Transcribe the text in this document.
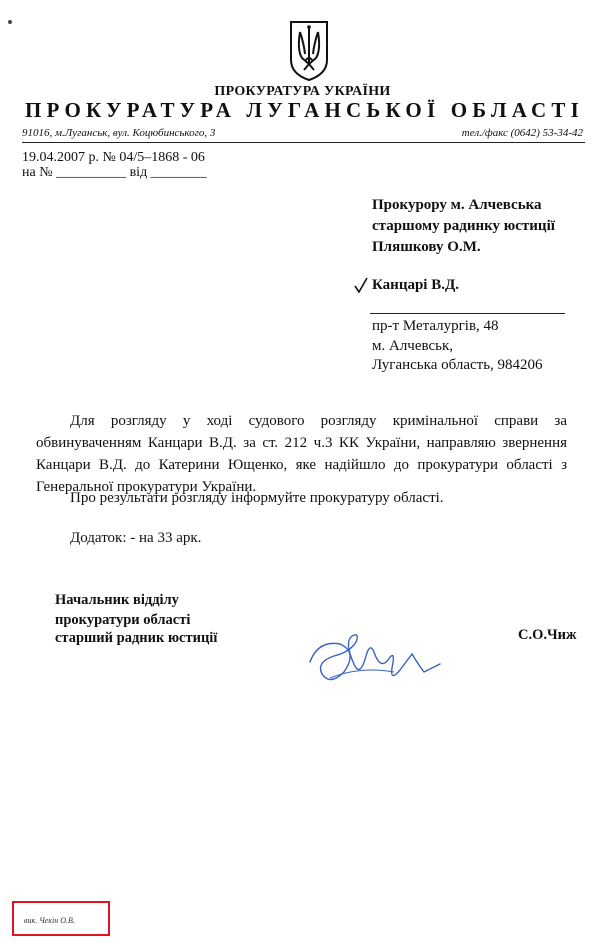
ПРОКУРАТУРА УКРАЇНИ
ПРОКУРАТУРА ЛУГАНСЬКОЇ ОБЛАСТІ
91016, м.Луганськ, вул. Коцюбинського, 3	тел./факс (0642) 53-34-42
19.04.2007 р. № 04/5–1868 - 06
на № __________ від ________
Прокурору м. Алчевська
старшому радинку юстиції
Пляшкову О.М.
Канцарі В.Д.
пр-т Металургів, 48
м. Алчевськ,
Луганська область, 984206
Для розгляду у ході судового розгляду кримінальної справи за обвинуваченням Канцари В.Д. за ст. 212 ч.3 КК України, направляю звернення Канцари В.Д. до Катерини Ющенко, яке надійшло до прокуратури області з Генеральної прокуратури України.
Про результати розгляду інформуйте прокуратуру області.
Додаток: - на 33 арк.
Начальник відділу
прокуратури області
старший радник юстиції	С.О.Чиж
вик. Чекін О.В.
